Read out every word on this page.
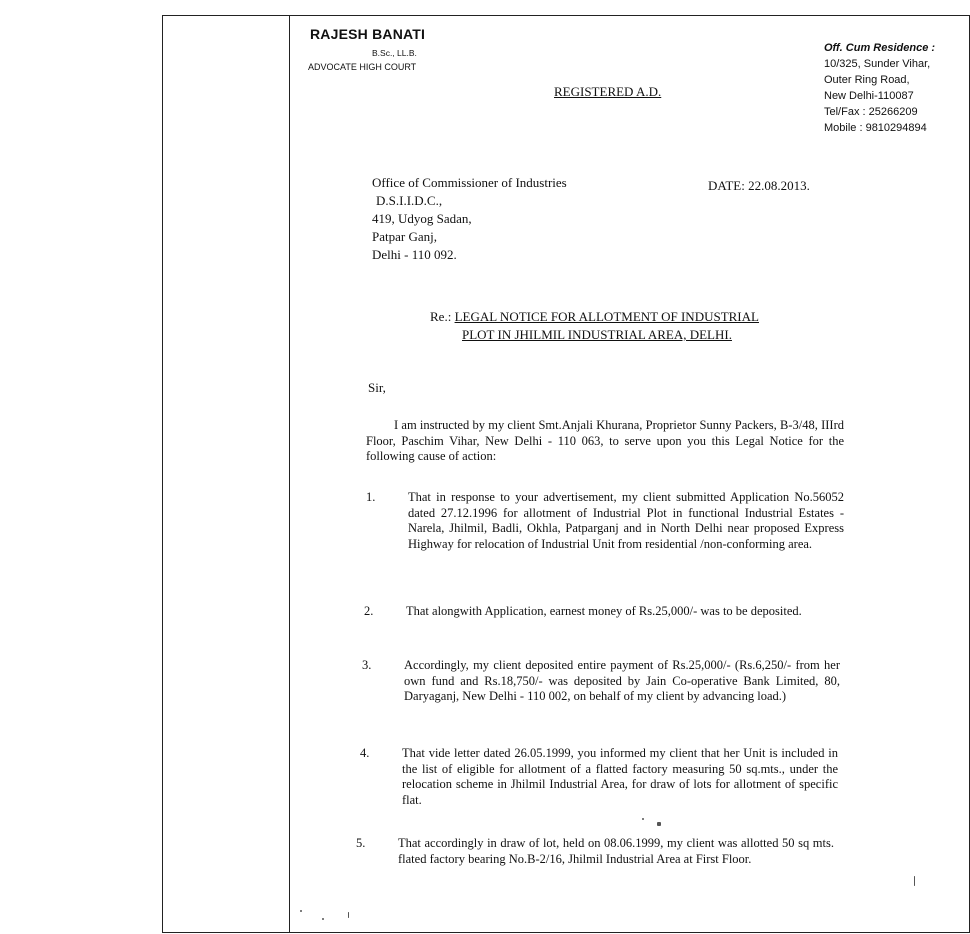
RAJESH BANATI
B.Sc., LL.B.
ADVOCATE HIGH COURT
Off. Cum Residence :
10/325, Sunder Vihar,
Outer Ring Road,
New Delhi-110087
Tel/Fax : 25266209
Mobile : 9810294894
REGISTERED A.D.
Office of Commissioner of Industries
D.S.I.I.D.C.,
419, Udyog Sadan,
Patpar Ganj,
Delhi - 110 092.
DATE: 22.08.2013.
Re.: LEGAL NOTICE FOR ALLOTMENT OF INDUSTRIAL
PLOT IN JHILMIL INDUSTRIAL AREA, DELHI.
Sir,
I am instructed by my client Smt.Anjali Khurana, Proprietor Sunny Packers, B-3/48, IIIrd Floor, Paschim Vihar, New Delhi - 110 063, to serve upon you this Legal Notice for the following cause of action:
1.	That in response to your advertisement, my client submitted Application No.56052 dated 27.12.1996 for allotment of Industrial Plot in functional Industrial Estates - Narela, Jhilmil, Badli, Okhla, Patparganj and in North Delhi near proposed Express Highway for relocation of Industrial Unit from residential /non-conforming area.
2.	That alongwith Application, earnest money of Rs.25,000/- was to be deposited.
3.	Accordingly, my client deposited entire payment of Rs.25,000/- (Rs.6,250/- from her own fund and Rs.18,750/- was deposited by Jain Co-operative Bank Limited, 80, Daryaganj, New Delhi - 110 002, on behalf of my client by advancing load.)
4.	That vide letter dated 26.05.1999, you informed my client that her Unit is included in the list of eligible for allotment of a flatted factory measuring 50 sq.mts., under the relocation scheme in Jhilmil Industrial Area, for draw of lots for allotment of specific flat.
5.	That accordingly in draw of lot, held on 08.06.1999, my client was allotted 50 sq mts. flated factory bearing No.B-2/16, Jhilmil Industrial Area at First Floor.
